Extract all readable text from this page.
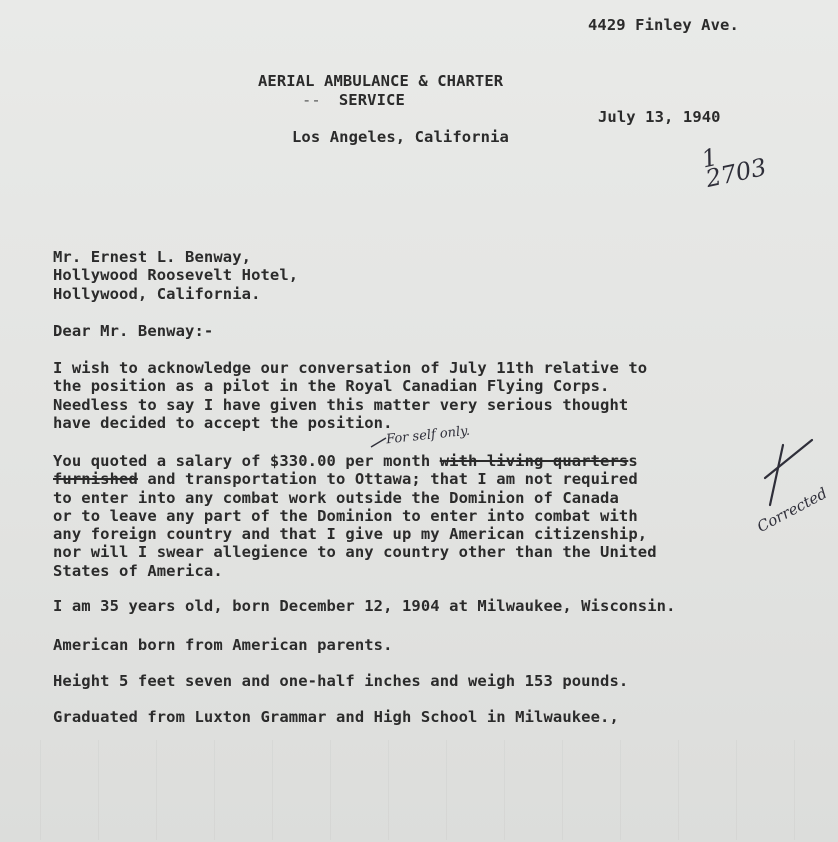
4429 Finley Ave.
AERIAL AMBULANCE & CHARTER
-- SERVICE
July 13, 1940
Los Angeles, California
1
2703
Mr. Ernest L. Benway,
Hollywood Roosevelt Hotel,
Hollywood, California.
Dear Mr. Benway:-
I wish to acknowledge our conversation of July 11th relative to
the position as a pilot in the Royal Canadian Flying Corps.
Needless to say I have given this matter very serious thought
have decided to accept the position.
For self only.
You quoted a salary of $330.00 per month with living quarterss
furnished and transportation to Ottawa; that I am not required
to enter into any combat work outside the Dominion of Canada
or to leave any part of the Dominion to enter into combat with
any foreign country and that I give up my American citizenship,
nor will I swear allegience to any country other than the United
States of America.
Corrected
I am 35 years old, born December 12, 1904 at Milwaukee, Wisconsin.
American born from American parents.
Height 5 feet seven and one-half inches and weigh 153 pounds.
Graduated from Luxton Grammar and High School in Milwaukee.,
